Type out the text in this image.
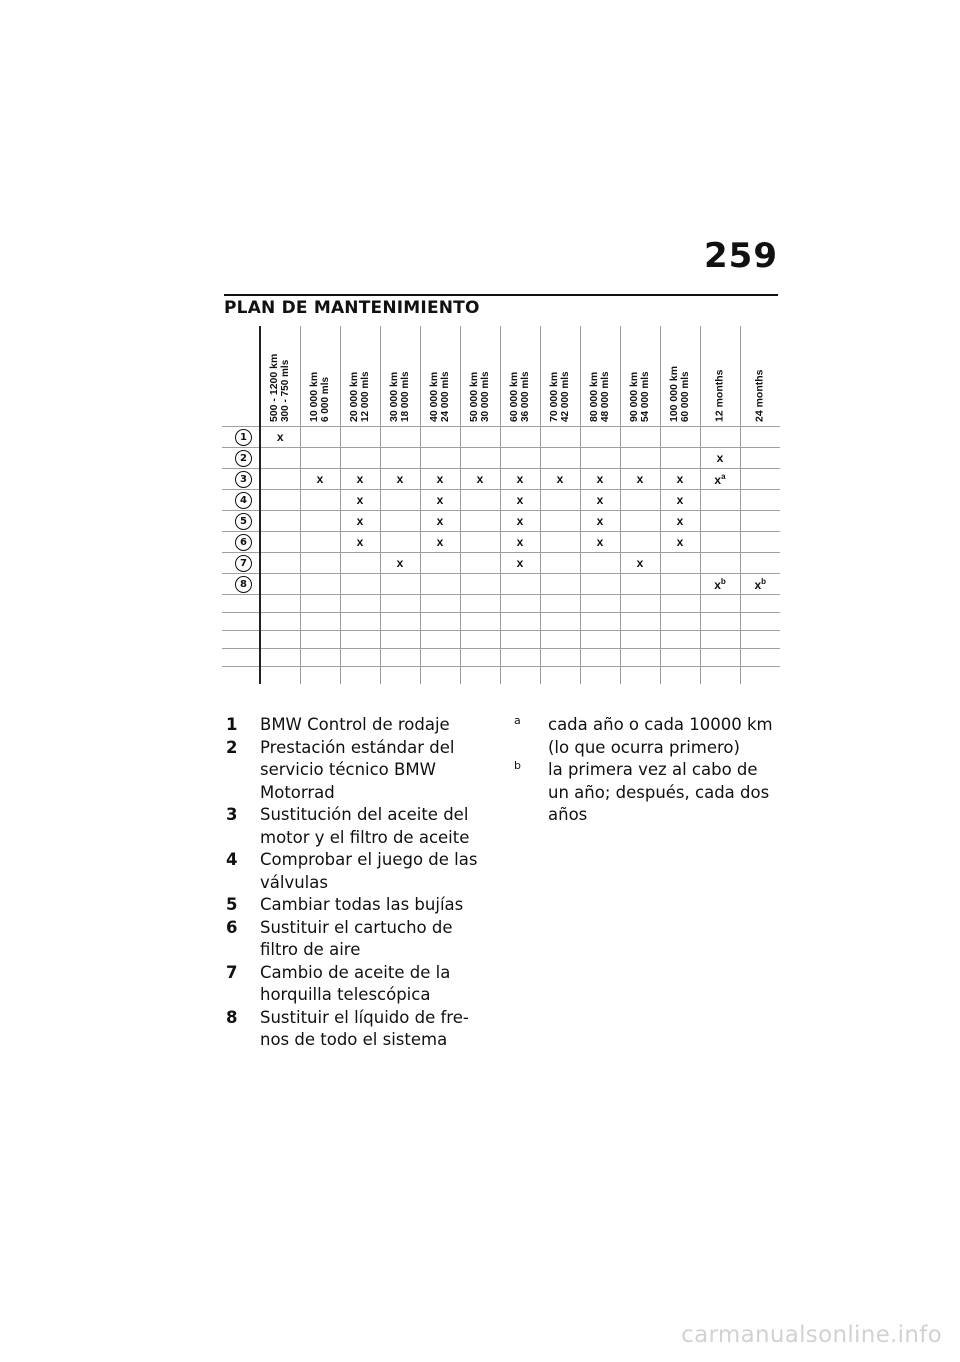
259
PLAN DE MANTENIMIENTO

	500 - 1200 km 300 - 750 mls	10 000 km 6 000 mls	20 000 km 12 000 mls	30 000 km 18 000 mls	40 000 km 24 000 mls	50 000 km 30 000 mls	60 000 km 36 000 mls	70 000 km 42 000 mls	80 000 km 48 000 mls	90 000 km 54 000 mls	100 000 km 60 000 mls	12 months	24 months

1	x												
2												x	
3		x	x	x	x	x	x	x	x	x	x	$x^a$	
4			x		x		x		x		x		
5			x		x		x		x		x		
6			x		x		x		x		x		
7				x			x			x			
8												$x^b$	$x^b$

1	BMW Control de rodaje
2	Prestación estándar del servicio técnico BMW Motorrad
3	Sustitución del aceite del motor y el filtro de aceite
4	Comprobar el juego de las válvulas
5	Cambiar todas las bujías
6	Sustituir el cartucho de filtro de aire
7	Cambio de aceite de la horquilla telescópica
8	Sustituir el líquido de fre-nos de todo el sistema
a	cada año o cada 10000 km (lo que ocurra primero)
b	la primera vez al cabo de un año; después, cada dos años
carmanualsonline.info
